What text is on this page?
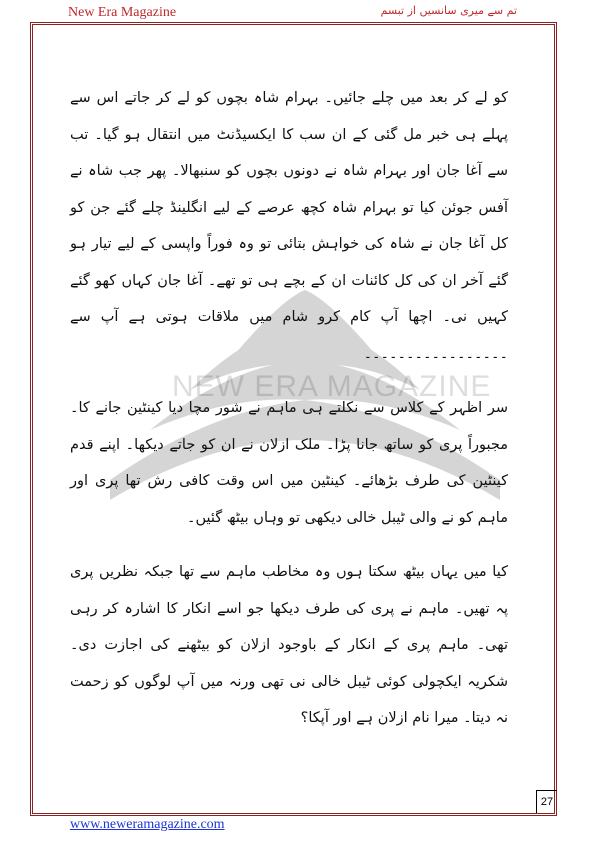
New Era Magazine	تم سے میری سانسیں از تبسم
NEW ERA MAGAZINE

کو لے کر بعد میں چلے جائیں۔ بہرام شاہ بچوں کو لے کر جاتے اس سے پہلے ہی خبر مل گئی کے ان سب کا ایکسیڈنٹ میں انتقال ہو گیا۔ تب سے آغا جان اور بہرام شاہ نے دونوں بچوں کو سنبھالا۔ پھر جب شاہ نے آفس جوئن کیا تو بہرام شاہ کچھ عرصے کے لیے انگلینڈ چلے گئے جن کو کل آغا جان نے شاہ کی خواہش بتائی تو وہ فوراً واپسی کے لیے تیار ہو گئے آخر ان کی کل کائنات ان کے بچے ہی تو تھے۔ آغا جان کہاں کھو گئے کہیں نی۔ اچھا آپ کام کرو شام میں ملاقات ہوتی ہے آپ سے ۔۔۔۔۔۔۔۔۔۔۔۔۔۔۔۔۔

سر اظہر کے کلاس سے نکلتے ہی ماہم نے شور مچا دیا کینٹین جانے کا۔ مجبوراً پری کو ساتھ جانا پڑا۔ ملک ازلان نے ان کو جاتے دیکھا۔ اپنے قدم کینٹین کی طرف بڑھائے۔ کینٹین میں اس وقت کافی رش تھا پری اور ماہم کو نے والی ٹیبل خالی دیکھی تو وہاں بیٹھ گئیں۔

کیا میں یہاں بیٹھ سکتا ہوں وہ مخاطب ماہم سے تھا جبکہ نظریں پری پہ تھیں۔ ماہم نے پری کی طرف دیکھا جو اسے انکار کا اشارہ کر رہی تھی۔ ماہم پری کے انکار کے باوجود ازلان کو بیٹھنے کی اجازت دی۔ شکریہ ایکچولی کوئی ٹیبل خالی نی تھی ورنہ میں آپ لوگوں کو زحمت نہ دیتا۔ میرا نام ازلان ہے اور آپکا؟

27
www.neweramagazine.com
